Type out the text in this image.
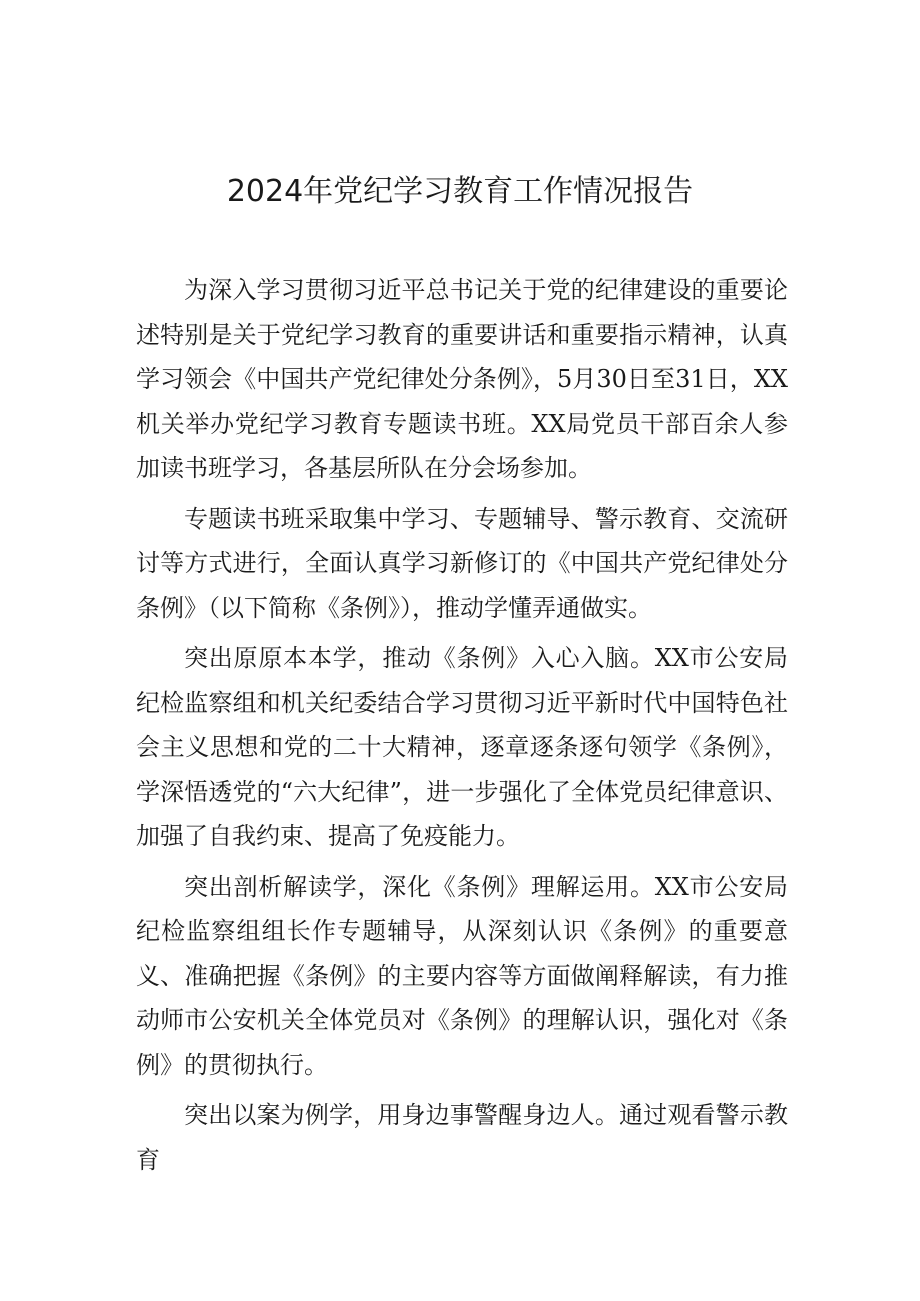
2024年党纪学习教育工作情况报告

为深入学习贯彻习近平总书记关于党的纪律建设的重要论述特别是关于党纪学习教育的重要讲话和重要指示精神，认真学习领会《中国共产党纪律处分条例》，5月30日至31日，XX机关举办党纪学习教育专题读书班。XX局党员干部百余人参加读书班学习，各基层所队在分会场参加。

专题读书班采取集中学习、专题辅导、警示教育、交流研讨等方式进行，全面认真学习新修订的《中国共产党纪律处分条例》（以下简称《条例》），推动学懂弄通做实。

突出原原本本学，推动《条例》入心入脑。XX市公安局纪检监察组和机关纪委结合学习贯彻习近平新时代中国特色社会主义思想和党的二十大精神，逐章逐条逐句领学《条例》，学深悟透党的“六大纪律”，进一步强化了全体党员纪律意识、加强了自我约束、提高了免疫能力。

突出剖析解读学，深化《条例》理解运用。XX市公安局纪检监察组组长作专题辅导，从深刻认识《条例》的重要意义、准确把握《条例》的主要内容等方面做阐释解读，有力推动师市公安机关全体党员对《条例》的理解认识，强化对《条例》的贯彻执行。

突出以案为例学，用身边事警醒身边人。通过观看警示教育
